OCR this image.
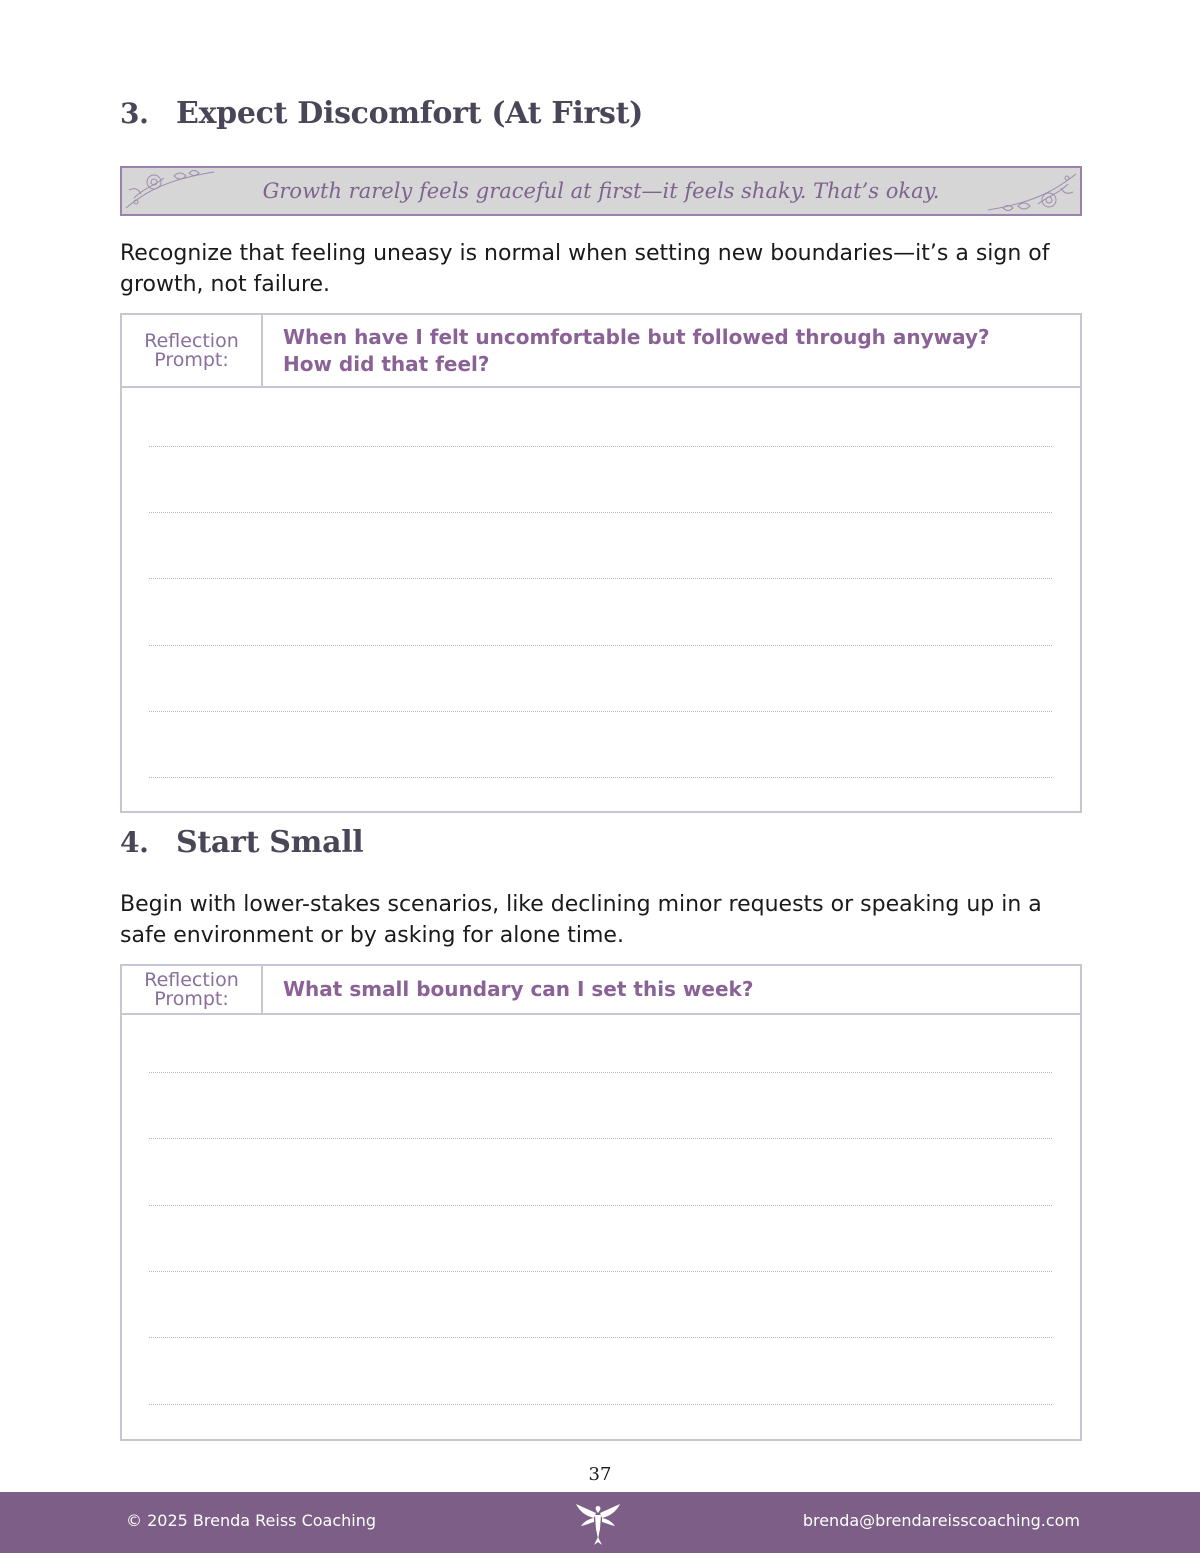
3. Expect Discomfort (At First)
Growth rarely feels graceful at first—it feels shaky. That’s okay.

Recognize that feeling uneasy is normal when setting new boundaries—it’s a sign of growth, not failure.

Reflection
Prompt:
When have I felt uncomfortable but followed through anyway?
How did that feel?
4. Start Small

Begin with lower-stakes scenarios, like declining minor requests or speaking up in a safe environment or by asking for alone time.

Reflection
Prompt:	What small boundary can I set this week?
37
© 2025 Brenda Reiss Coaching	brenda@brendareisscoaching.com
